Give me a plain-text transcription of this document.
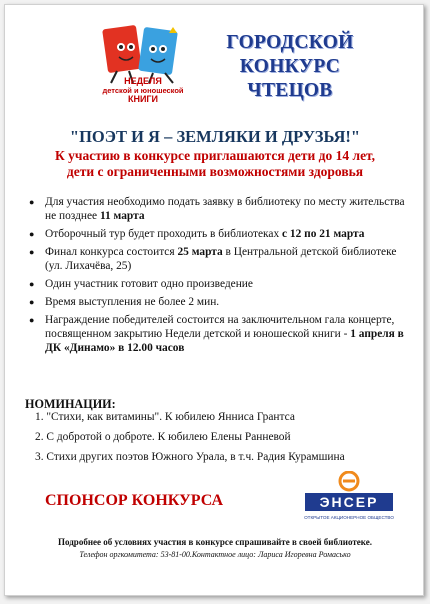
НЕДЕЛЯ
детской и юношеской
КНИГИ
ГОРОДСКОЙ
КОНКУРС
ЧТЕЦОВ
"ПОЭТ И Я – ЗЕМЛЯКИ И ДРУЗЬЯ!"
К участию в конкурсе приглашаются дети до 14 лет,
дети с ограниченными возможностями здоровья
● Для участия необходимо подать заявку в библиотеку по месту жительства не позднее 11 марта
● Отборочный тур будет проходить в библиотеках с 12 по 21 марта
● Финал конкурса состоится 25 марта в Центральной детской библиотеке (ул. Лихачёва, 25)
● Один участник готовит одно произведение
● Время выступления не более 2 мин.
● Награждение победителей состоится на заключительном гала концерте, посвященном закрытию Недели детской и юношеской книги - 1 апреля в ДК «Динамо» в 12.00 часов
НОМИНАЦИИ:
1. "Стихи, как витамины". К юбилею Янниса Грантса
2. С добротой о доброте. К юбилею Елены Ранневой
3. Стихи других поэтов Южного Урала, в т.ч. Радия Курамшина
СПОНСОР КОНКУРСА	ЭНСЕР
ОТКРЫТОЕ АКЦИОНЕРНОЕ ОБЩЕСТВО
Подробнее об условиях участия в конкурсе спрашивайте в своей библиотеке.
Телефон оргкомитета: 53-81-00.Контактное лицо: Лариса Игоревна Ромасько
